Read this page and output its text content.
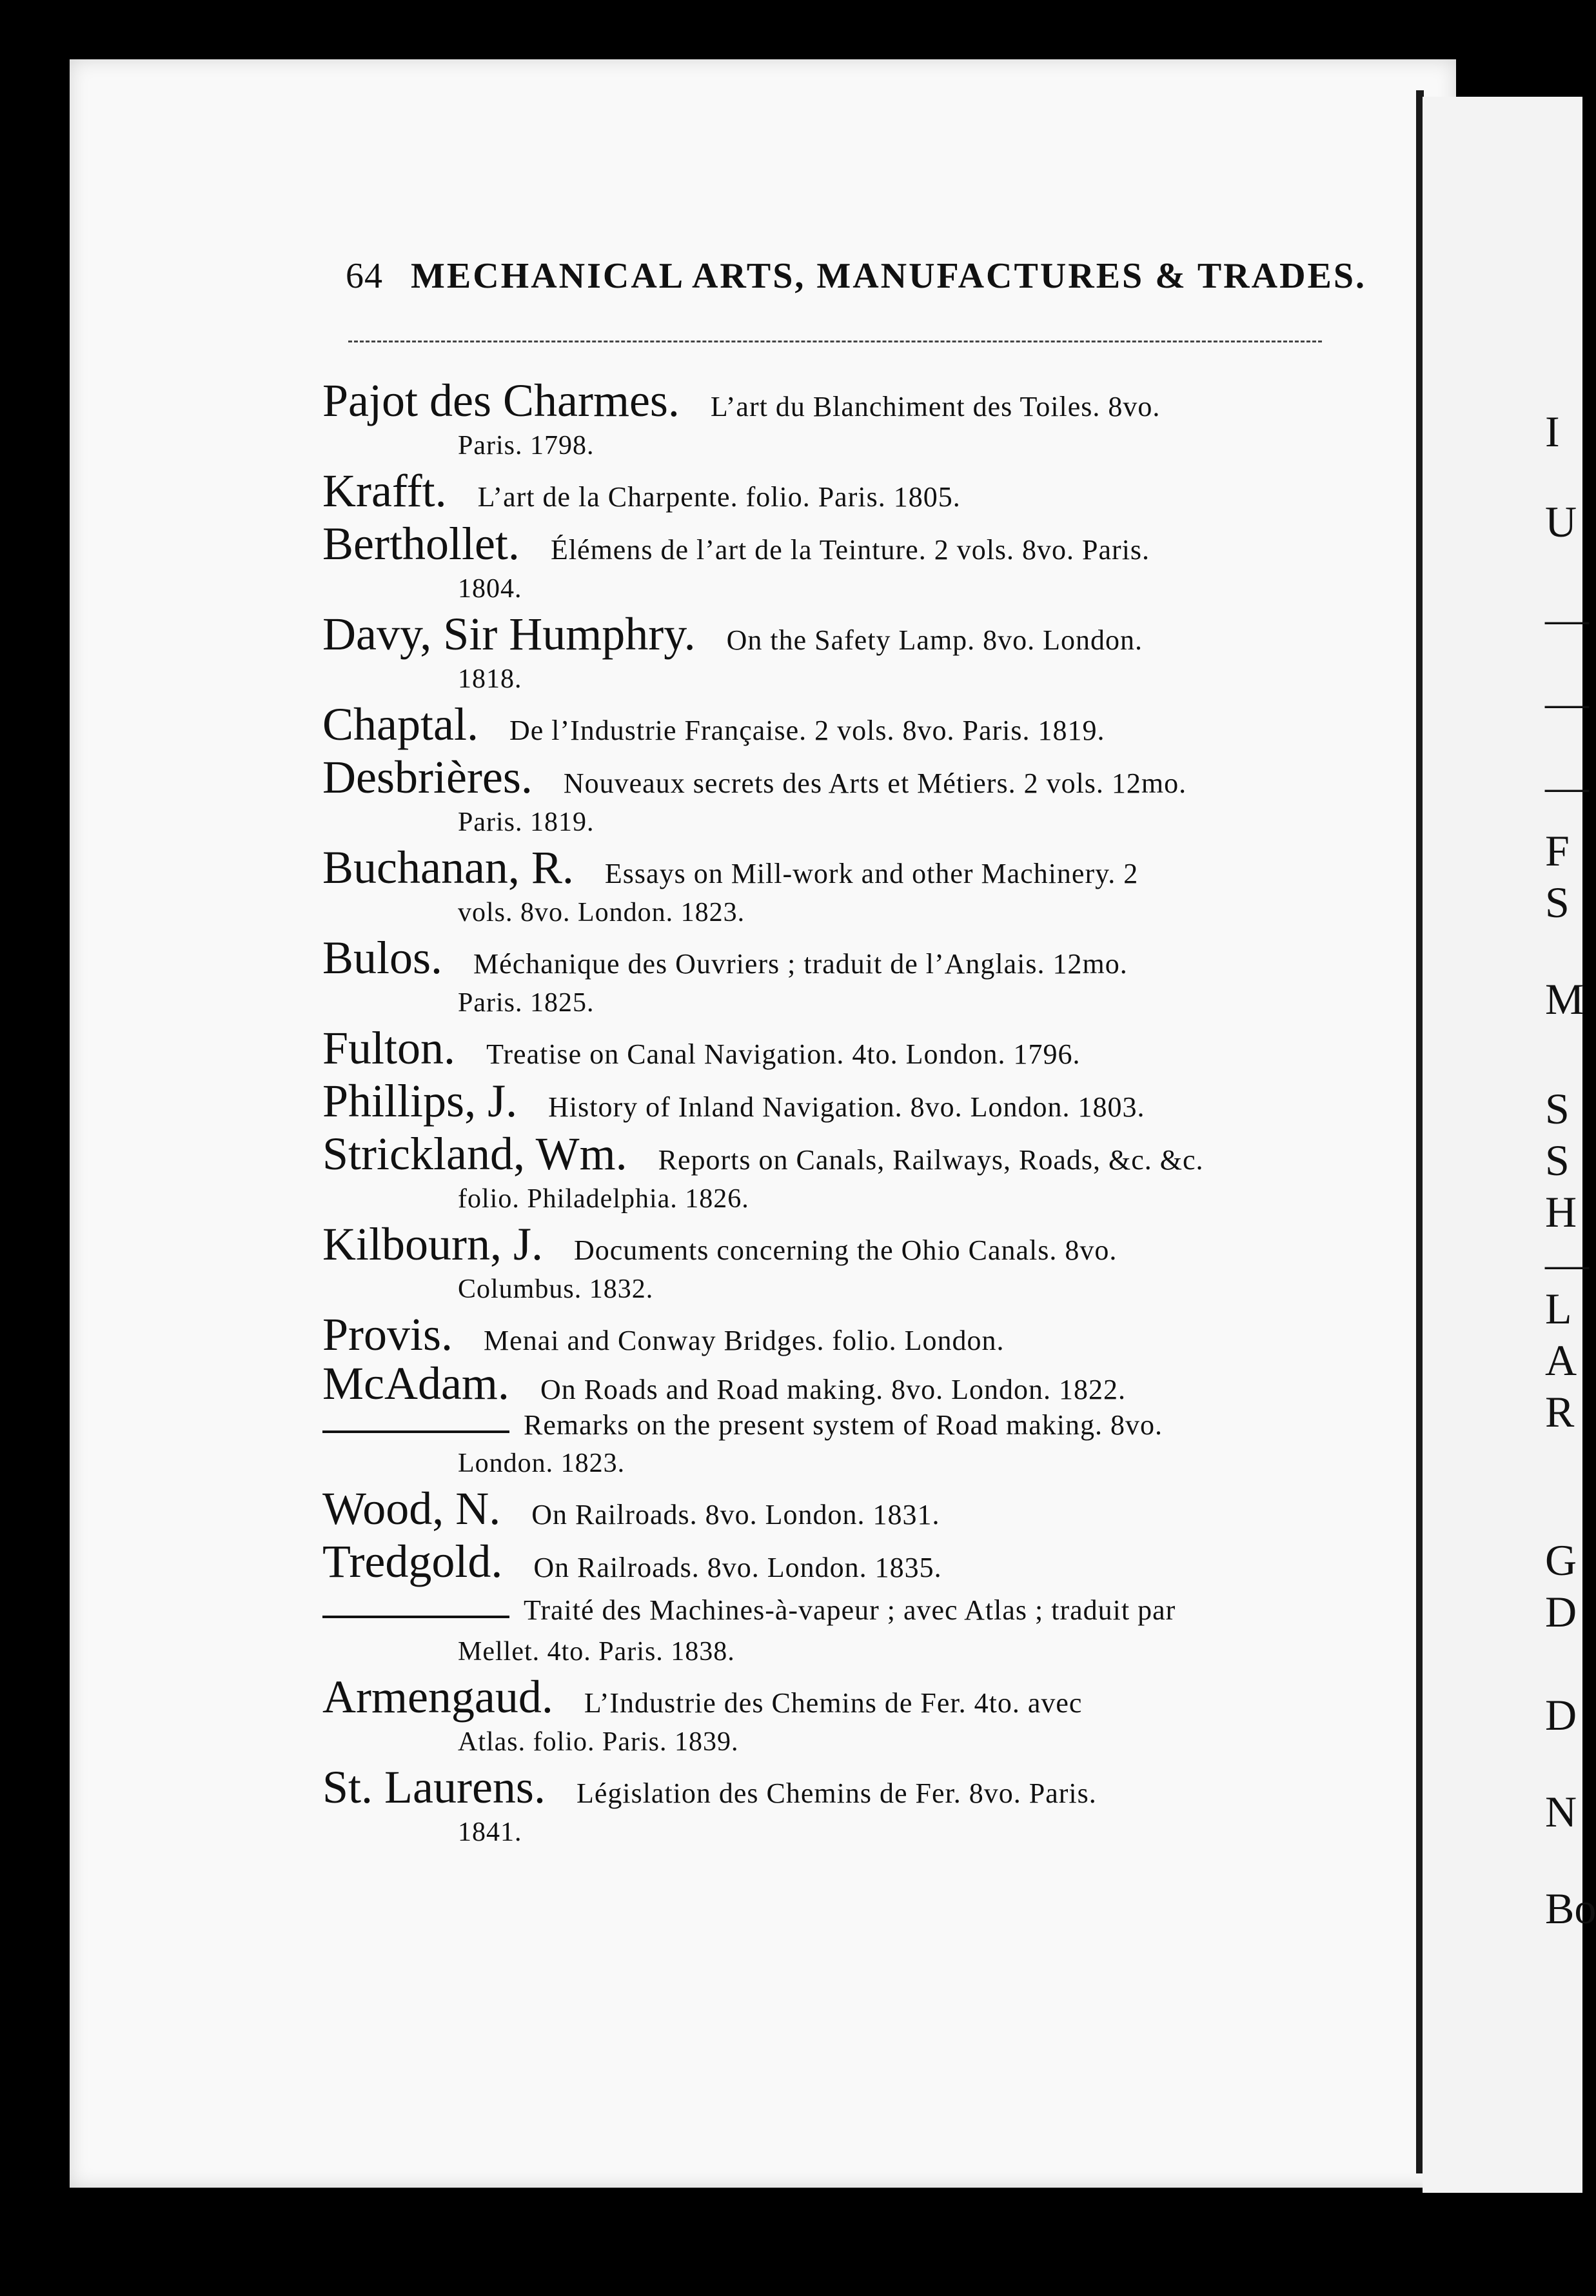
I
U
—
—
—
F
S
M
S
S
H
—
L
A
R
G
D
D
N
Bo
64 MECHANICAL ARTS, MANUFACTURES & TRADES.
Pajot des Charmes. L’art du Blanchiment des Toiles. 8vo.
Paris. 1798.
Krafft. L’art de la Charpente. folio. Paris. 1805.
Berthollet. Élémens de l’art de la Teinture. 2 vols. 8vo. Paris.
1804.
Davy, Sir Humphry. On the Safety Lamp. 8vo. London.
1818.
Chaptal. De l’Industrie Française. 2 vols. 8vo. Paris. 1819.
Desbrières. Nouveaux secrets des Arts et Métiers. 2 vols. 12mo.
Paris. 1819.
Buchanan, R. Essays on Mill-work and other Machinery. 2
vols. 8vo. London. 1823.
Bulos. Méchanique des Ouvriers ; traduit de l’Anglais. 12mo.
Paris. 1825.
Fulton. Treatise on Canal Navigation. 4to. London. 1796.
Phillips, J. History of Inland Navigation. 8vo. London. 1803.
Strickland, Wm. Reports on Canals, Railways, Roads, &c. &c.
folio. Philadelphia. 1826.
Kilbourn, J. Documents concerning the Ohio Canals. 8vo.
Columbus. 1832.
Provis. Menai and Conway Bridges. folio. London.
McAdam. On Roads and Road making. 8vo. London. 1822.
Remarks on the present system of Road making. 8vo.
London. 1823.
Wood, N. On Railroads. 8vo. London. 1831.
Tredgold. On Railroads. 8vo. London. 1835.
Traité des Machines-à-vapeur ; avec Atlas ; traduit par
Mellet. 4to. Paris. 1838.
Armengaud. L’Industrie des Chemins de Fer. 4to. avec
Atlas. folio. Paris. 1839.
St. Laurens. Législation des Chemins de Fer. 8vo. Paris.
1841.
